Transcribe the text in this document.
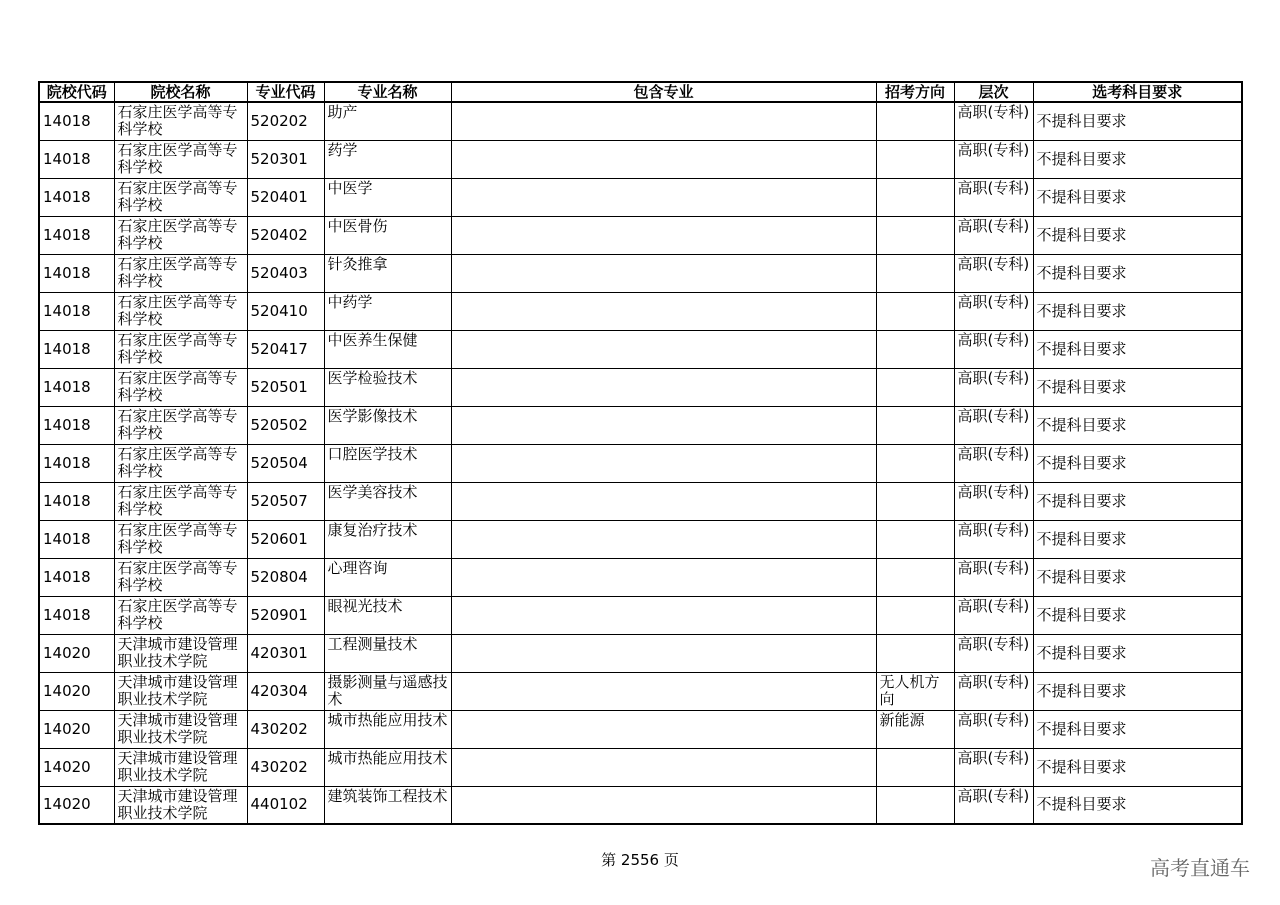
院校代码	院校名称	专业代码	专业名称	包含专业	招考方向	层次	选考科目要求
14018	石家庄医学高等专科学校	520202	助产			高职(专科)	不提科目要求
14018	石家庄医学高等专科学校	520301	药学			高职(专科)	不提科目要求
14018	石家庄医学高等专科学校	520401	中医学			高职(专科)	不提科目要求
14018	石家庄医学高等专科学校	520402	中医骨伤			高职(专科)	不提科目要求
14018	石家庄医学高等专科学校	520403	针灸推拿			高职(专科)	不提科目要求
14018	石家庄医学高等专科学校	520410	中药学			高职(专科)	不提科目要求
14018	石家庄医学高等专科学校	520417	中医养生保健			高职(专科)	不提科目要求
14018	石家庄医学高等专科学校	520501	医学检验技术			高职(专科)	不提科目要求
14018	石家庄医学高等专科学校	520502	医学影像技术			高职(专科)	不提科目要求
14018	石家庄医学高等专科学校	520504	口腔医学技术			高职(专科)	不提科目要求
14018	石家庄医学高等专科学校	520507	医学美容技术			高职(专科)	不提科目要求
14018	石家庄医学高等专科学校	520601	康复治疗技术			高职(专科)	不提科目要求
14018	石家庄医学高等专科学校	520804	心理咨询			高职(专科)	不提科目要求
14018	石家庄医学高等专科学校	520901	眼视光技术			高职(专科)	不提科目要求
14020	天津城市建设管理职业技术学院	420301	工程测量技术			高职(专科)	不提科目要求
14020	天津城市建设管理职业技术学院	420304	摄影测量与遥感技术		无人机方向	高职(专科)	不提科目要求
14020	天津城市建设管理职业技术学院	430202	城市热能应用技术		新能源	高职(专科)	不提科目要求
14020	天津城市建设管理职业技术学院	430202	城市热能应用技术			高职(专科)	不提科目要求
14020	天津城市建设管理职业技术学院	440102	建筑装饰工程技术			高职(专科)	不提科目要求
第 2556 页	高考直通车
